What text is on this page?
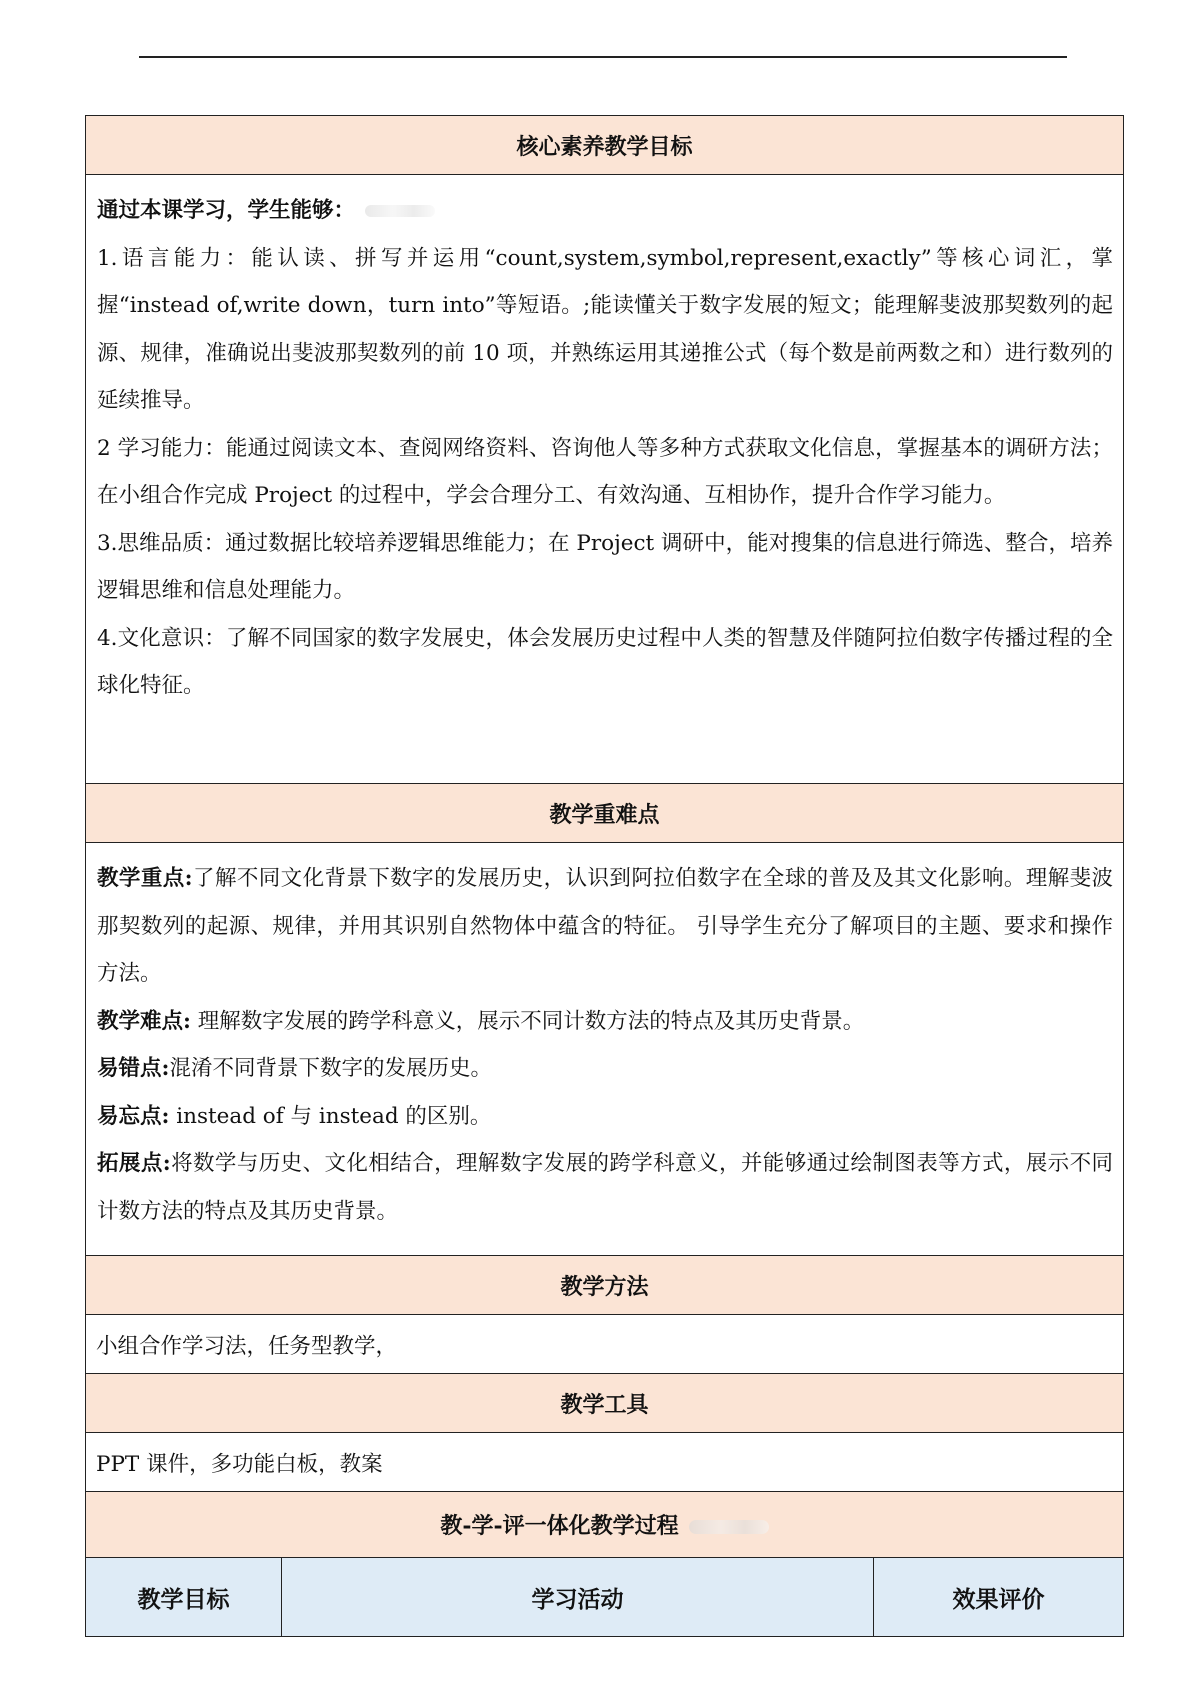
核心素养教学目标

通过本课学习，学生能够：

1.语言能力：能认读、拼写并运用“count,system,symbol,represent,exactly”等核心词汇，掌握“instead of,write down，turn into”等短语。;能读懂关于数字发展的短文；能理解斐波那契数列的起源、规律，准确说出斐波那契数列的前 10 项，并熟练运用其递推公式（每个数是前两数之和）进行数列的延续推导。

2 学习能力：能通过阅读文本、查阅网络资料、咨询他人等多种方式获取文化信息，掌握基本的调研方法； 在小组合作完成 Project 的过程中，学会合理分工、有效沟通、互相协作，提升合作学习能力。

3.思维品质：通过数据比较培养逻辑思维能力；在 Project 调研中，能对搜集的信息进行筛选、整合，培养逻辑思维和信息处理能力。

4.文化意识：了解不同国家的数字发展史，体会发展历史过程中人类的智慧及伴随阿拉伯数字传播过程的全球化特征。

教学重难点

教学重点:了解不同文化背景下数字的发展历史，认识到阿拉伯数字在全球的普及及其文化影响。理解斐波那契数列的起源、规律，并用其识别自然物体中蕴含的特征。 引导学生充分了解项目的主题、要求和操作方法。

教学难点: 理解数字发展的跨学科意义，展示不同计数方法的特点及其历史背景。

易错点:混淆不同背景下数字的发展历史。

易忘点: instead of 与 instead 的区别。

拓展点:将数学与历史、文化相结合，理解数字发展的跨学科意义，并能够通过绘制图表等方式，展示不同计数方法的特点及其历史背景。

教学方法
小组合作学习法，任务型教学，
教学工具
PPT 课件，多功能白板，教案
教-学-评一体化教学过程
教学目标	学习活动	效果评价
